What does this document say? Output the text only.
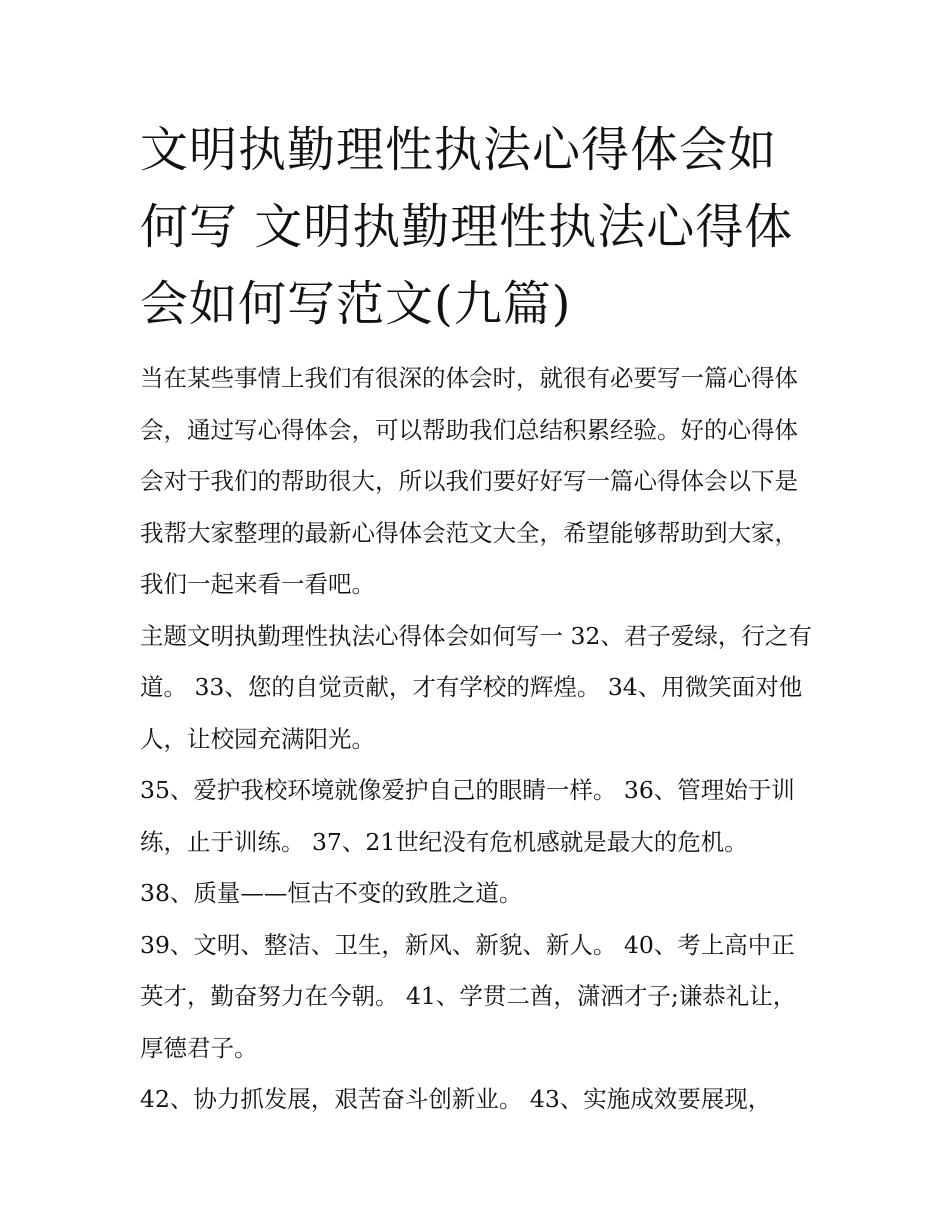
文明执勤理性执法心得体会如何写 文明执勤理性执法心得体会如何写范文(九篇)

当在某些事情上我们有很深的体会时，就很有必要写一篇心得体会，通过写心得体会，可以帮助我们总结积累经验。好的心得体会对于我们的帮助很大，所以我们要好好写一篇心得体会以下是我帮大家整理的最新心得体会范文大全，希望能够帮助到大家，我们一起来看一看吧。

主题文明执勤理性执法心得体会如何写一 32、君子爱绿，行之有道。 33、您的自觉贡献，才有学校的辉煌。 34、用微笑面对他人，让校园充满阳光。

35、爱护我校环境就像爱护自己的眼睛一样。 36、管理始于训练，止于训练。 37、21世纪没有危机感就是最大的危机。

38、质量——恒古不变的致胜之道。

39、文明、整洁、卫生，新风、新貌、新人。 40、考上高中正英才，勤奋努力在今朝。 41、学贯二酋，潇洒才子;谦恭礼让，厚德君子。

42、协力抓发展，艰苦奋斗创新业。 43、实施成效要展现，
